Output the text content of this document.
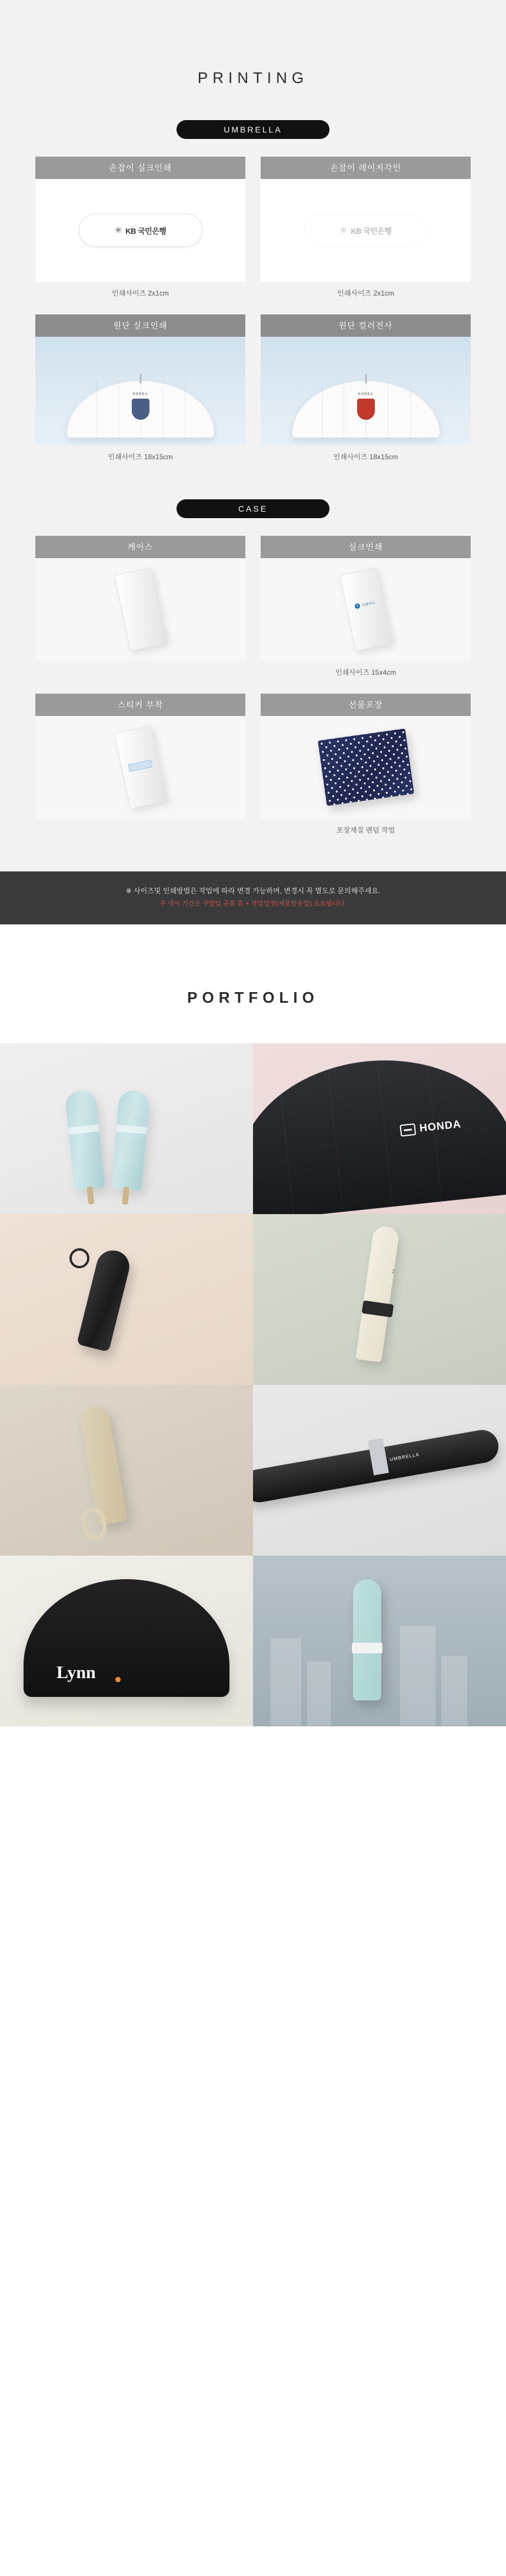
PRINTING
UMBRELLA
손잡이 실크인쇄
✳ KB 국민은행
인쇄사이즈 2x1cm
손잡이 레이저각인
✳ KB 국민은행
인쇄사이즈 2x1cm
원단 실크인쇄
KOREA
인쇄사이즈 18x15cm
원단 컬러전사
KOREA
인쇄사이즈 18x15cm
CASE
케이스	실크인쇄
S 신한카드
인쇄사이즈 15x4cm
스티커 부착	선물포장
포장재질 랜덤 작업
※ 사이즈및 인쇄방법은 작업에 따라 변경 가능하며, 변경시 꼭 별도로 문의해주세요.
주 색이 기간은 주말및 공휴 휴 + 작업일정(제품발송일) 소요됩니다.
PORTFOLIO
HONDA
2
UMBRELLA
Lynn
